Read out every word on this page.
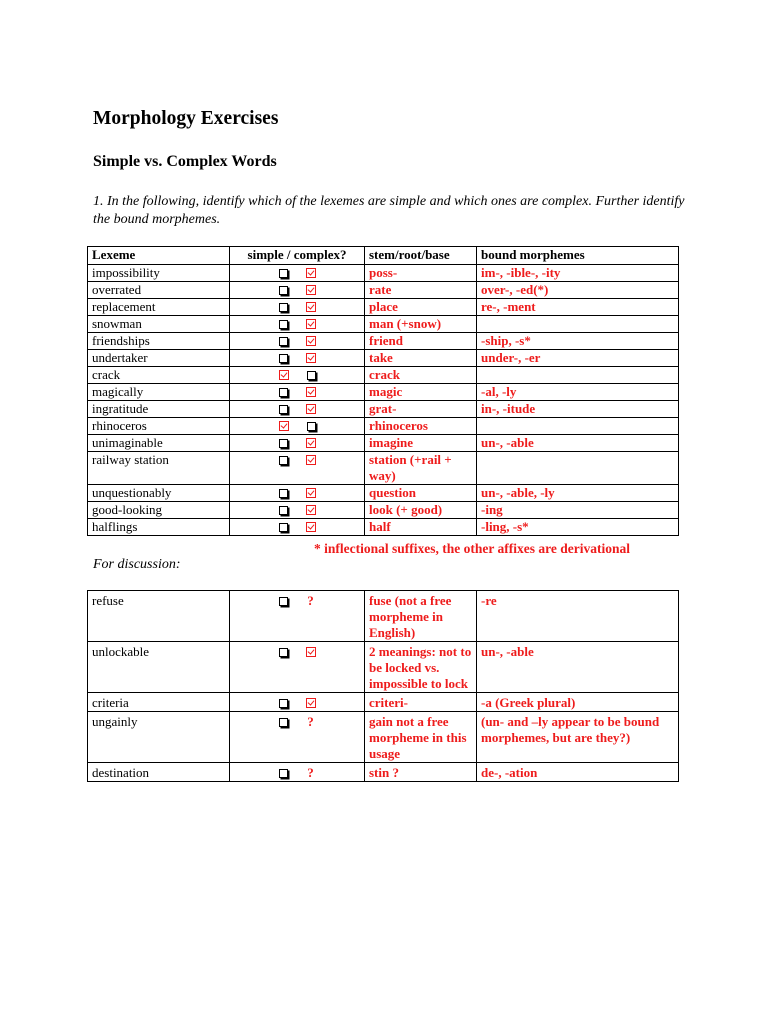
Morphology Exercises
Simple vs. Complex Words

1. In the following, identify which of the lexemes are simple and which ones are complex. Further identify the bound morphemes.

Lexeme	simple / complex?	stem/root/base	bound morphemes
impossibility		poss-	im-, -ible-, -ity
overrated		rate	over-, -ed(*)
replacement		place	re-, -ment
snowman		man (+snow)	
friendships		friend	-ship, -s*
undertaker		take	under-, -er
crack		crack	
magically		magic	-al, -ly
ingratitude		grat-	in-, -itude
rhinoceros		rhinoceros	
unimaginable		imagine	un-, -able
railway station		station (+rail + way)	
unquestionably		question	un-, -able, -ly
good-looking		look (+ good)	-ing
halflings		half	-ling, -s*
* inflectional suffixes, the other affixes are derivational
For discussion:
refuse	?	fuse (not a free morpheme in English)	-re
unlockable		2 meanings: not to be locked vs. impossible to lock	un-, -able
criteria		criteri-	-a (Greek plural)
ungainly	?	gain not a free morpheme in this usage	(un- and –ly appear to be bound morphemes, but are they?)
destination	?	stin ?	de-, -ation
